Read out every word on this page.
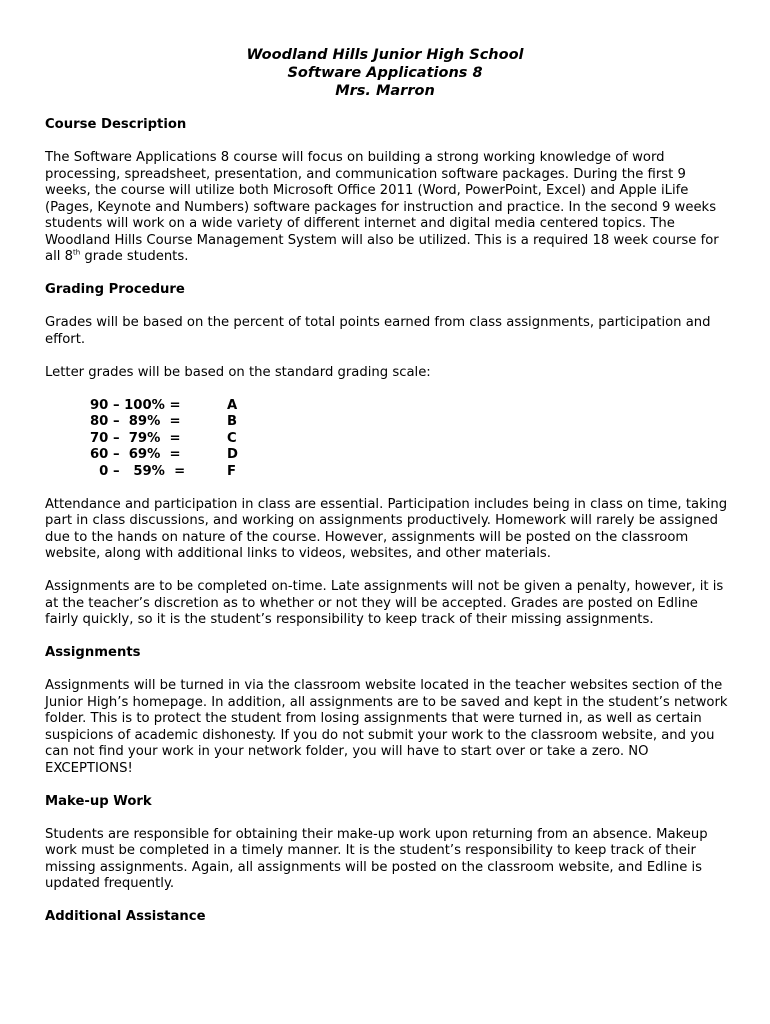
Woodland Hills Junior High School
Software Applications 8
Mrs. Marron
Course Description

The Software Applications 8 course will focus on building a strong working knowledge of word processing, spreadsheet, presentation, and communication software packages. During the first 9 weeks, the course will utilize both Microsoft Office 2011 (Word, PowerPoint, Excel) and Apple iLife (Pages, Keynote and Numbers) software packages for instruction and practice. In the second 9 weeks students will work on a wide variety of different internet and digital media centered topics. The Woodland Hills Course Management System will also be utilized. This is a required 18 week course for all 8th grade students.

Grading Procedure

Grades will be based on the percent of total points earned from class assignments, participation and effort.

Letter grades will be based on the standard grading scale:

90 – 100% =	A
80 –  89%  =	B
70 –  79%  =	C
60 –  69%  =	D
0 –   59%  =	F

Attendance and participation in class are essential. Participation includes being in class on time, taking part in class discussions, and working on assignments productively. Homework will rarely be assigned due to the hands on nature of the course. However, assignments will be posted on the classroom website, along with additional links to videos, websites, and other materials.

Assignments are to be completed on-time. Late assignments will not be given a penalty, however, it is at the teacher’s discretion as to whether or not they will be accepted. Grades are posted on Edline fairly quickly, so it is the student’s responsibility to keep track of their missing assignments.

Assignments

Assignments will be turned in via the classroom website located in the teacher websites section of the Junior High’s homepage. In addition, all assignments are to be saved and kept in the student’s network folder. This is to protect the student from losing assignments that were turned in, as well as certain suspicions of academic dishonesty. If you do not submit your work to the classroom website, and you can not find your work in your network folder, you will have to start over or take a zero. NO EXCEPTIONS!

Make-up Work

Students are responsible for obtaining their make-up work upon returning from an absence. Makeup work must be completed in a timely manner. It is the student’s responsibility to keep track of their missing assignments. Again, all assignments will be posted on the classroom website, and Edline is updated frequently.

Additional Assistance
